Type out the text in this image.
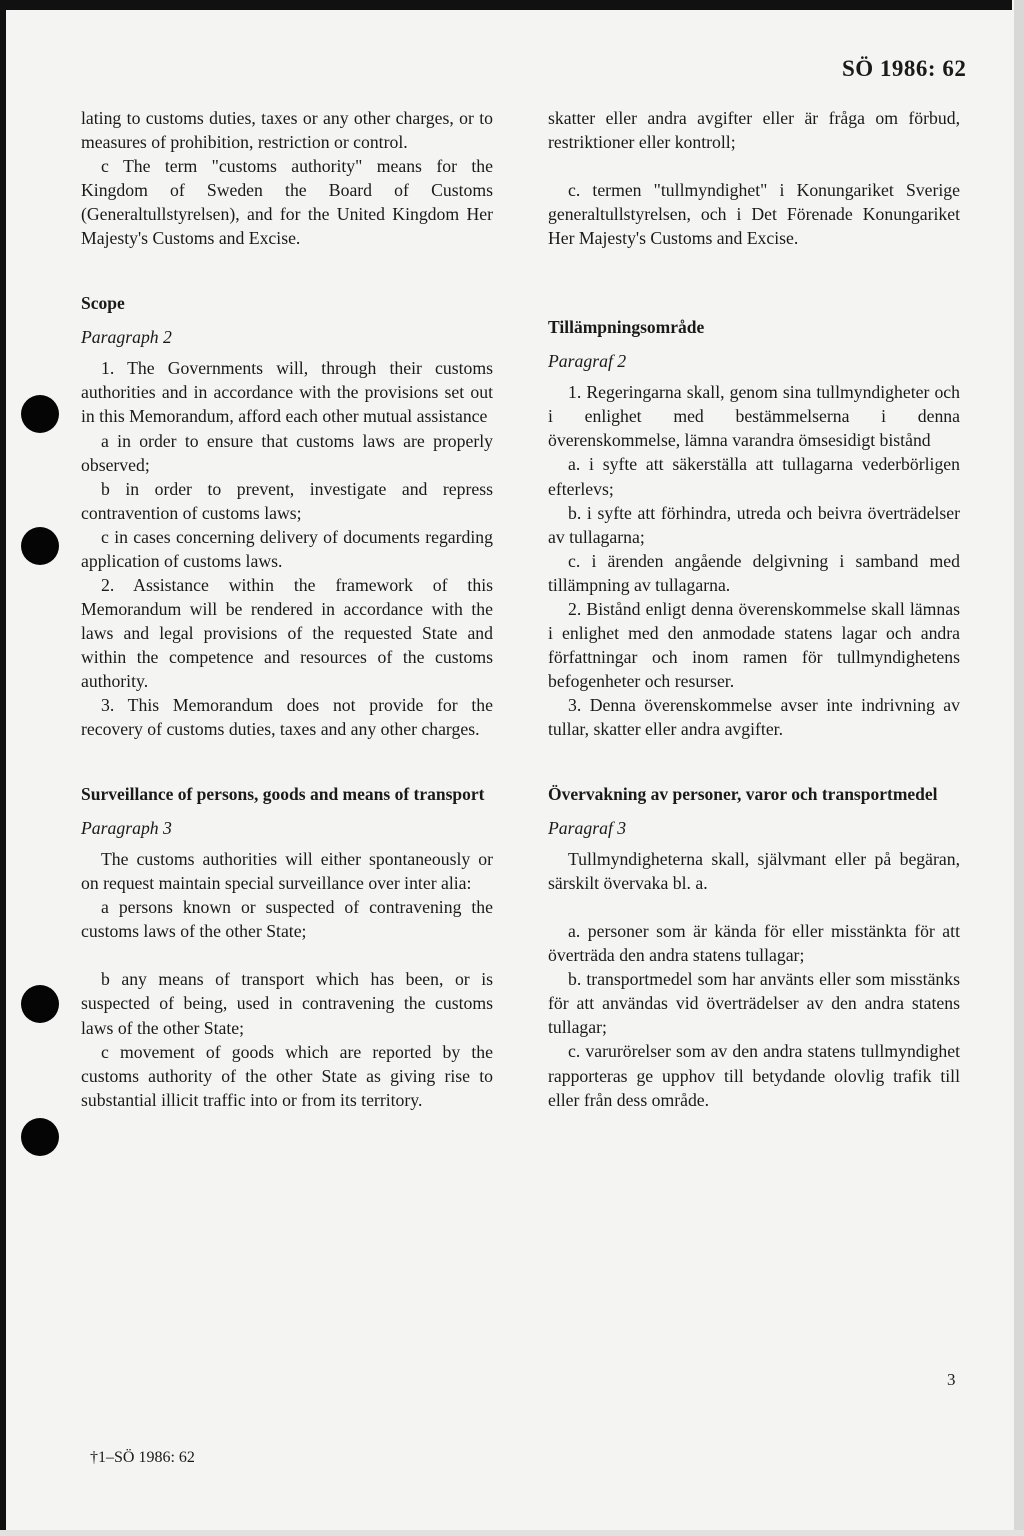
SÖ 1986: 62

lating to customs duties, taxes or any other charges, or to measures of prohibition, restriction or control.

c The term "customs authority" means for the Kingdom of Sweden the Board of Customs (Generaltullstyrelsen), and for the United Kingdom Her Majesty's Customs and Excise.

Scope

Paragraph 2

1. The Governments will, through their customs authorities and in accordance with the provisions set out in this Memorandum, afford each other mutual assistance

a in order to ensure that customs laws are properly observed;

b in order to prevent, investigate and repress contravention of customs laws;

c in cases concerning delivery of documents regarding application of customs laws.

2. Assistance within the framework of this Memorandum will be rendered in accordance with the laws and legal provisions of the requested State and within the competence and resources of the customs authority.

3. This Memorandum does not provide for the recovery of customs duties, taxes and any other charges.

Surveillance of persons, goods and means of transport

Paragraph 3

The customs authorities will either spontaneously or on request maintain special surveillance over inter alia:

a persons known or suspected of contravening the customs laws of the other State;

b any means of transport which has been, or is suspected of being, used in contravening the customs laws of the other State;

c movement of goods which are reported by the customs authority of the other State as giving rise to substantial illicit traffic into or from its territory.

skatter eller andra avgifter eller är fråga om förbud, restriktioner eller kontroll;

c. termen "tullmyndighet" i Konungariket Sverige generaltullstyrelsen, och i Det Förenade Konungariket Her Majesty's Customs and Excise.

Tillämpningsområde

Paragraf 2

1. Regeringarna skall, genom sina tullmyndigheter och i enlighet med bestämmelserna i denna överenskommelse, lämna varandra ömsesidigt bistånd

a. i syfte att säkerställa att tullagarna vederbörligen efterlevs;

b. i syfte att förhindra, utreda och beivra överträdelser av tullagarna;

c. i ärenden angående delgivning i samband med tillämpning av tullagarna.

2. Bistånd enligt denna överenskommelse skall lämnas i enlighet med den anmodade statens lagar och andra författningar och inom ramen för tullmyndighetens befogenheter och resurser.

3. Denna överenskommelse avser inte indrivning av tullar, skatter eller andra avgifter.

Övervakning av personer, varor och transportmedel

Paragraf 3

Tullmyndigheterna skall, självmant eller på begäran, särskilt övervaka bl. a.

a. personer som är kända för eller misstänkta för att överträda den andra statens tullagar;

b. transportmedel som har använts eller som misstänks för att användas vid överträdelser av den andra statens tullagar;

c. varurörelser som av den andra statens tullmyndighet rapporteras ge upphov till betydande olovlig trafik till eller från dess område.

3
†1–SÖ 1986: 62
